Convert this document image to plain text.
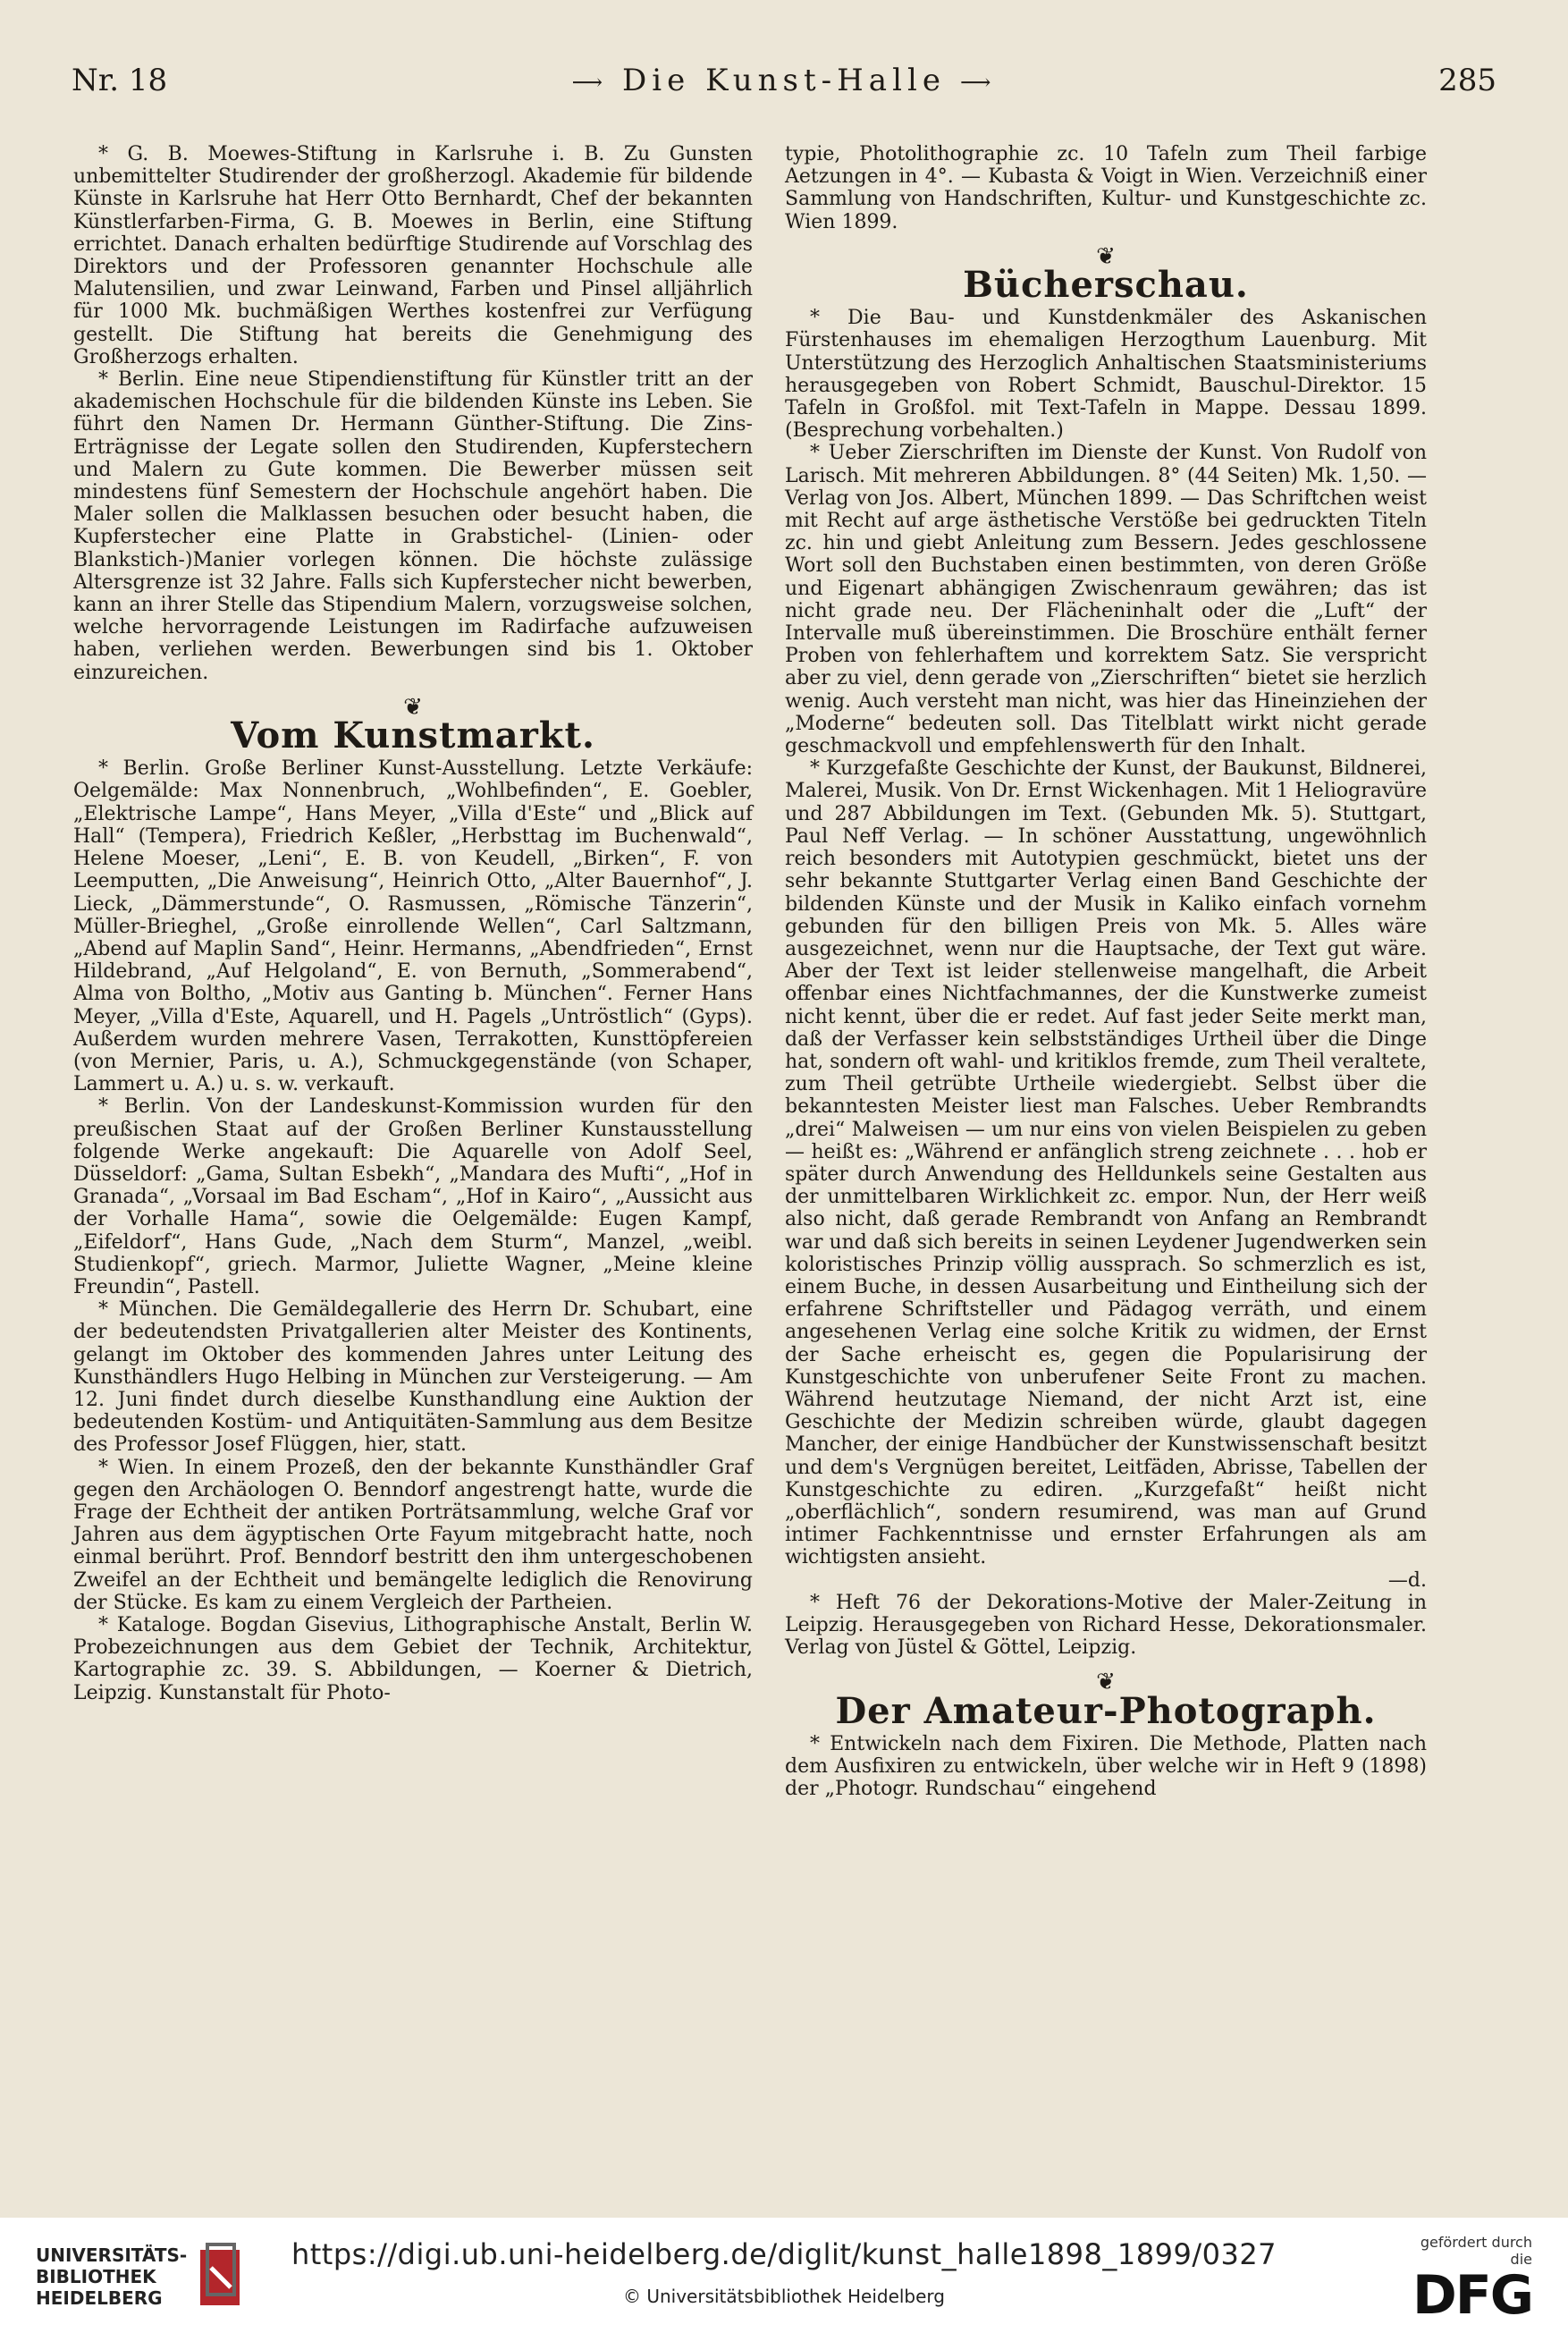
Nr. 18
⟶	Die Kunst-Halle ⟶	285

* G. B. Moewes-Stiftung in Karlsruhe i. B. Zu Gunsten unbemittelter Studirender der großherzogl. Akademie für bildende Künste in Karlsruhe hat Herr Otto Bernhardt, Chef der bekannten Künstlerfarben-Firma, G. B. Moewes in Berlin, eine Stiftung errichtet. Danach erhalten bedürftige Studirende auf Vorschlag des Direktors und der Professoren genannter Hochschule alle Malutensilien, und zwar Leinwand, Farben und Pinsel alljährlich für 1000 Mk. buchmäßigen Werthes kostenfrei zur Verfügung gestellt. Die Stiftung hat bereits die Genehmigung des Großherzogs erhalten.

* Berlin. Eine neue Stipendienstiftung für Künstler tritt an der akademischen Hochschule für die bildenden Künste ins Leben. Sie führt den Namen Dr. Hermann Günther-Stiftung. Die Zins-Erträgnisse der Legate sollen den Studirenden, Kupferstechern und Malern zu Gute kommen. Die Bewerber müssen seit mindestens fünf Semestern der Hochschule angehört haben. Die Maler sollen die Malklassen besuchen oder besucht haben, die Kupferstecher eine Platte in Grabstichel- (Linien- oder Blankstich-)Manier vorlegen können. Die höchste zulässige Altersgrenze ist 32 Jahre. Falls sich Kupferstecher nicht bewerben, kann an ihrer Stelle das Stipendium Malern, vorzugsweise solchen, welche hervorragende Leistungen im Radirfache aufzuweisen haben, verliehen werden. Bewerbungen sind bis 1. Oktober einzureichen.

❦
Vom Kunstmarkt.

* Berlin. Große Berliner Kunst-Ausstellung. Letzte Verkäufe: Oelgemälde: Max Nonnenbruch, „Wohlbefinden“, E. Goebler, „Elektrische Lampe“, Hans Meyer, „Villa d'Este“ und „Blick auf Hall“ (Tempera), Friedrich Keßler, „Herbsttag im Buchenwald“, Helene Moeser, „Leni“, E. B. von Keudell, „Birken“, F. von Leemputten, „Die Anweisung“, Heinrich Otto, „Alter Bauernhof“, J. Lieck, „Dämmerstunde“, O. Rasmussen, „Römische Tänzerin“, Müller-Brieghel, „Große einrollende Wellen“, Carl Saltzmann, „Abend auf Maplin Sand“, Heinr. Hermanns, „Abendfrieden“, Ernst Hildebrand, „Auf Helgoland“, E. von Bernuth, „Sommerabend“, Alma von Boltho, „Motiv aus Ganting b. München“. Ferner Hans Meyer, „Villa d'Este, Aquarell, und H. Pagels „Untröstlich“ (Gyps). Außerdem wurden mehrere Vasen, Terrakotten, Kunsttöpfereien (von Mernier, Paris, u. A.), Schmuckgegenstände (von Schaper, Lammert u. A.) u. s. w. verkauft.

* Berlin. Von der Landeskunst-Kommission wurden für den preußischen Staat auf der Großen Berliner Kunstausstellung folgende Werke angekauft: Die Aquarelle von Adolf Seel, Düsseldorf: „Gama, Sultan Esbekh“, „Mandara des Mufti“, „Hof in Granada“, „Vorsaal im Bad Escham“, „Hof in Kairo“, „Aussicht aus der Vorhalle Hama“, sowie die Oelgemälde: Eugen Kampf, „Eifeldorf“, Hans Gude, „Nach dem Sturm“, Manzel, „weibl. Studienkopf“, griech. Marmor, Juliette Wagner, „Meine kleine Freundin“, Pastell.

* München. Die Gemäldegallerie des Herrn Dr. Schubart, eine der bedeutendsten Privatgallerien alter Meister des Kontinents, gelangt im Oktober des kommenden Jahres unter Leitung des Kunsthändlers Hugo Helbing in München zur Versteigerung. — Am 12. Juni findet durch dieselbe Kunsthandlung eine Auktion der bedeutenden Kostüm- und Antiquitäten-Sammlung aus dem Besitze des Professor Josef Flüggen, hier, statt.

* Wien. In einem Prozeß, den der bekannte Kunsthändler Graf gegen den Archäologen O. Benndorf angestrengt hatte, wurde die Frage der Echtheit der antiken Porträtsammlung, welche Graf vor Jahren aus dem ägyptischen Orte Fayum mitgebracht hatte, noch einmal berührt. Prof. Benndorf bestritt den ihm untergeschobenen Zweifel an der Echtheit und bemängelte lediglich die Renovirung der Stücke. Es kam zu einem Vergleich der Partheien.

* Kataloge. Bogdan Gisevius, Lithographische Anstalt, Berlin W. Probezeichnungen aus dem Gebiet der Technik, Architektur, Kartographie zc. 39. S. Abbildungen, — Koerner & Dietrich, Leipzig. Kunstanstalt für Photo-

typie, Photolithographie zc. 10 Tafeln zum Theil farbige Aetzungen in 4°. — Kubasta & Voigt in Wien. Verzeichniß einer Sammlung von Handschriften, Kultur- und Kunstgeschichte zc. Wien 1899.

❦
Bücherschau.

* Die Bau- und Kunstdenkmäler des Askanischen Fürstenhauses im ehemaligen Herzogthum Lauenburg. Mit Unterstützung des Herzoglich Anhaltischen Staatsministeriums herausgegeben von Robert Schmidt, Bauschul-Direktor. 15 Tafeln in Großfol. mit Text-Tafeln in Mappe. Dessau 1899. (Besprechung vorbehalten.)

* Ueber Zierschriften im Dienste der Kunst. Von Rudolf von Larisch. Mit mehreren Abbildungen. 8° (44 Seiten) Mk. 1,50. — Verlag von Jos. Albert, München 1899. — Das Schriftchen weist mit Recht auf arge ästhetische Verstöße bei gedruckten Titeln zc. hin und giebt Anleitung zum Bessern. Jedes geschlossene Wort soll den Buchstaben einen bestimmten, von deren Größe und Eigenart abhängigen Zwischenraum gewähren; das ist nicht grade neu. Der Flächeninhalt oder die „Luft“ der Intervalle muß übereinstimmen. Die Broschüre enthält ferner Proben von fehlerhaftem und korrektem Satz. Sie verspricht aber zu viel, denn gerade von „Zierschriften“ bietet sie herzlich wenig. Auch versteht man nicht, was hier das Hineinziehen der „Moderne“ bedeuten soll. Das Titelblatt wirkt nicht gerade geschmackvoll und empfehlenswerth für den Inhalt.

* Kurzgefaßte Geschichte der Kunst, der Baukunst, Bildnerei, Malerei, Musik. Von Dr. Ernst Wickenhagen. Mit 1 Heliogravüre und 287 Abbildungen im Text. (Gebunden Mk. 5). Stuttgart, Paul Neff Verlag. — In schöner Ausstattung, ungewöhnlich reich besonders mit Autotypien geschmückt, bietet uns der sehr bekannte Stuttgarter Verlag einen Band Geschichte der bildenden Künste und der Musik in Kaliko einfach vornehm gebunden für den billigen Preis von Mk. 5. Alles wäre ausgezeichnet, wenn nur die Hauptsache, der Text gut wäre. Aber der Text ist leider stellenweise mangelhaft, die Arbeit offenbar eines Nichtfachmannes, der die Kunstwerke zumeist nicht kennt, über die er redet. Auf fast jeder Seite merkt man, daß der Verfasser kein selbstständiges Urtheil über die Dinge hat, sondern oft wahl- und kritiklos fremde, zum Theil veraltete, zum Theil getrübte Urtheile wiedergiebt. Selbst über die bekanntesten Meister liest man Falsches. Ueber Rembrandts „drei“ Malweisen — um nur eins von vielen Beispielen zu geben — heißt es: „Während er anfänglich streng zeichnete . . . hob er später durch Anwendung des Helldunkels seine Gestalten aus der unmittelbaren Wirklichkeit zc. empor. Nun, der Herr weiß also nicht, daß gerade Rembrandt von Anfang an Rembrandt war und daß sich bereits in seinen Leydener Jugendwerken sein koloristisches Prinzip völlig aussprach. So schmerzlich es ist, einem Buche, in dessen Ausarbeitung und Eintheilung sich der erfahrene Schriftsteller und Pädagog verräth, und einem angesehenen Verlag eine solche Kritik zu widmen, der Ernst der Sache erheischt es, gegen die Popularisirung der Kunstgeschichte von unberufener Seite Front zu machen. Während heutzutage Niemand, der nicht Arzt ist, eine Geschichte der Medizin schreiben würde, glaubt dagegen Mancher, der einige Handbücher der Kunstwissenschaft besitzt und dem's Vergnügen bereitet, Leitfäden, Abrisse, Tabellen der Kunstgeschichte zu ediren. „Kurzgefaßt“ heißt nicht „oberflächlich“, sondern resumirend, was man auf Grund intimer Fachkenntnisse und ernster Erfahrungen als am wichtigsten ansieht.

—d.

* Heft 76 der Dekorations-Motive der Maler-Zeitung in Leipzig. Herausgegeben von Richard Hesse, Dekorationsmaler. Verlag von Jüstel & Göttel, Leipzig.

❦
Der Amateur-Photograph.

* Entwickeln nach dem Fixiren. Die Methode, Platten nach dem Ausfixiren zu entwickeln, über welche wir in Heft 9 (1898) der „Photogr. Rundschau“ eingehend

UNIVERSITÄTS-
BIBLIOTHEK
HEIDELBERG
https://digi.ub.uni-heidelberg.de/diglit/kunst_halle1898_1899/0327
© Universitätsbibliothek Heidelberg
gefördert durch die
DFG
